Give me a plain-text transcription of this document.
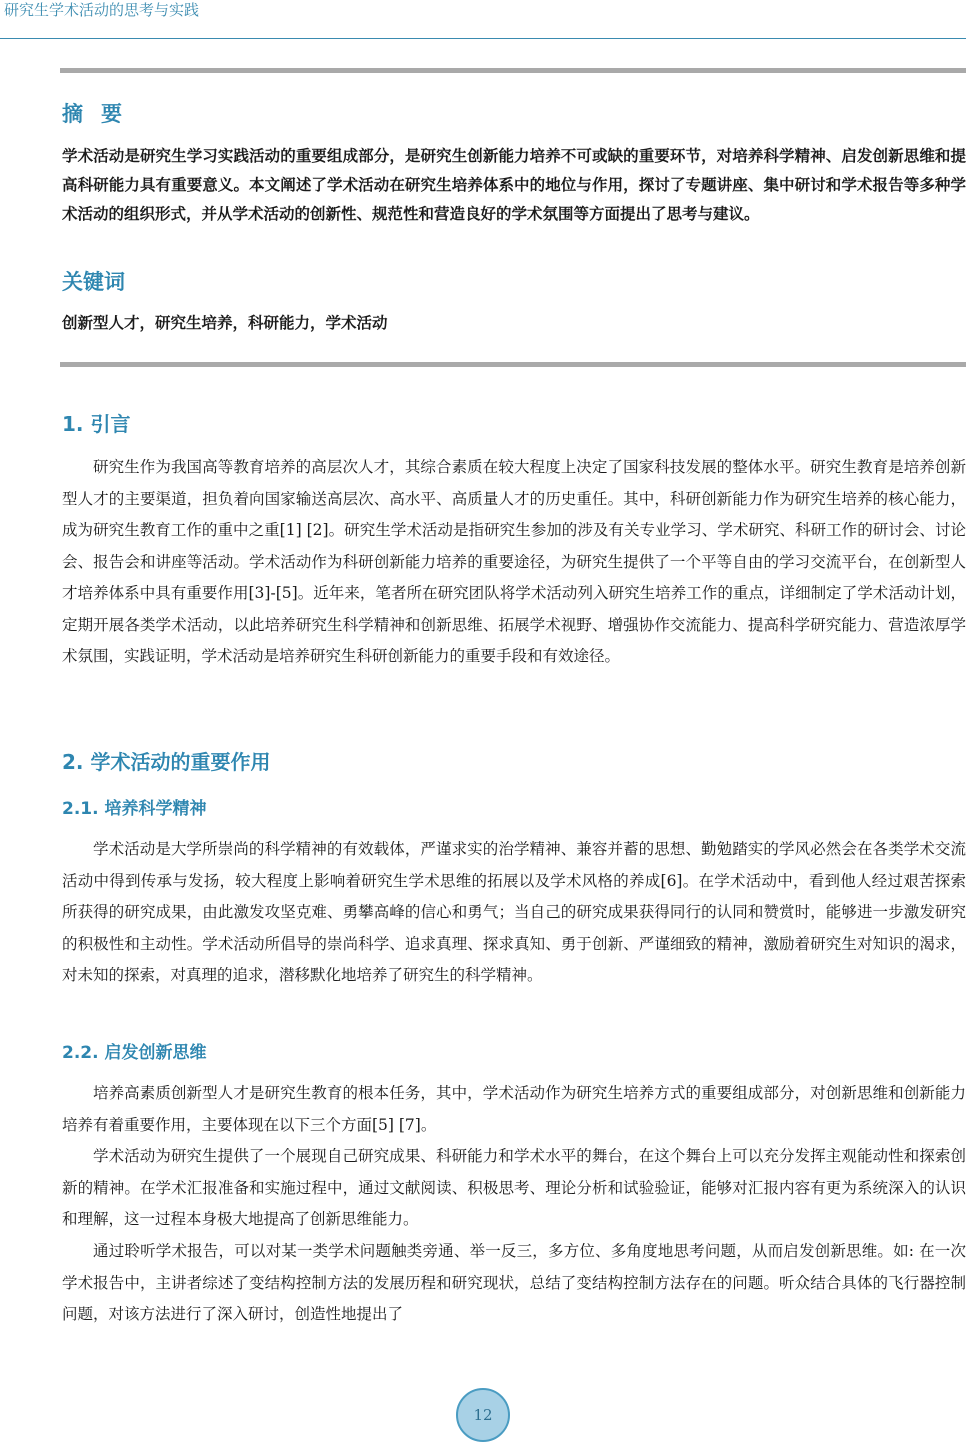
研究生学术活动的思考与实践
摘要
学术活动是研究生学习实践活动的重要组成部分，是研究生创新能力培养不可或缺的重要环节，对培养科学精神、启发创新思维和提高科研能力具有重要意义。本文阐述了学术活动在研究生培养体系中的地位与作用，探讨了专题讲座、集中研讨和学术报告等多种学术活动的组织形式，并从学术活动的创新性、规范性和营造良好的学术氛围等方面提出了思考与建议。
关键词
创新型人才，研究生培养，科研能力，学术活动
1. 引言
研究生作为我国高等教育培养的高层次人才，其综合素质在较大程度上决定了国家科技发展的整体水平。研究生教育是培养创新型人才的主要渠道，担负着向国家输送高层次、高水平、高质量人才的历史重任。其中，科研创新能力作为研究生培养的核心能力，成为研究生教育工作的重中之重[1] [2]。研究生学术活动是指研究生参加的涉及有关专业学习、学术研究、科研工作的研讨会、讨论会、报告会和讲座等活动。学术活动作为科研创新能力培养的重要途径，为研究生提供了一个平等自由的学习交流平台，在创新型人才培养体系中具有重要作用[3]-[5]。近年来，笔者所在研究团队将学术活动列入研究生培养工作的重点，详细制定了学术活动计划，定期开展各类学术活动，以此培养研究生科学精神和创新思维、拓展学术视野、增强协作交流能力、提高科学研究能力、营造浓厚学术氛围，实践证明，学术活动是培养研究生科研创新能力的重要手段和有效途径。
2. 学术活动的重要作用
2.1. 培养科学精神
学术活动是大学所崇尚的科学精神的有效载体，严谨求实的治学精神、兼容并蓄的思想、勤勉踏实的学风必然会在各类学术交流活动中得到传承与发扬，较大程度上影响着研究生学术思维的拓展以及学术风格的养成[6]。在学术活动中，看到他人经过艰苦探索所获得的研究成果，由此激发攻坚克难、勇攀高峰的信心和勇气；当自己的研究成果获得同行的认同和赞赏时，能够进一步激发研究的积极性和主动性。学术活动所倡导的崇尚科学、追求真理、探求真知、勇于创新、严谨细致的精神，激励着研究生对知识的渴求，对未知的探索，对真理的追求，潜移默化地培养了研究生的科学精神。
2.2. 启发创新思维
培养高素质创新型人才是研究生教育的根本任务，其中，学术活动作为研究生培养方式的重要组成部分，对创新思维和创新能力培养有着重要作用，主要体现在以下三个方面[5] [7]。
学术活动为研究生提供了一个展现自己研究成果、科研能力和学术水平的舞台，在这个舞台上可以充分发挥主观能动性和探索创新的精神。在学术汇报准备和实施过程中，通过文献阅读、积极思考、理论分析和试验验证，能够对汇报内容有更为系统深入的认识和理解，这一过程本身极大地提高了创新思维能力。
通过聆听学术报告，可以对某一类学术问题触类旁通、举一反三，多方位、多角度地思考问题，从而启发创新思维。如: 在一次学术报告中，主讲者综述了变结构控制方法的发展历程和研究现状，总结了变结构控制方法存在的问题。听众结合具体的飞行器控制问题，对该方法进行了深入研讨，创造性地提出了
12
